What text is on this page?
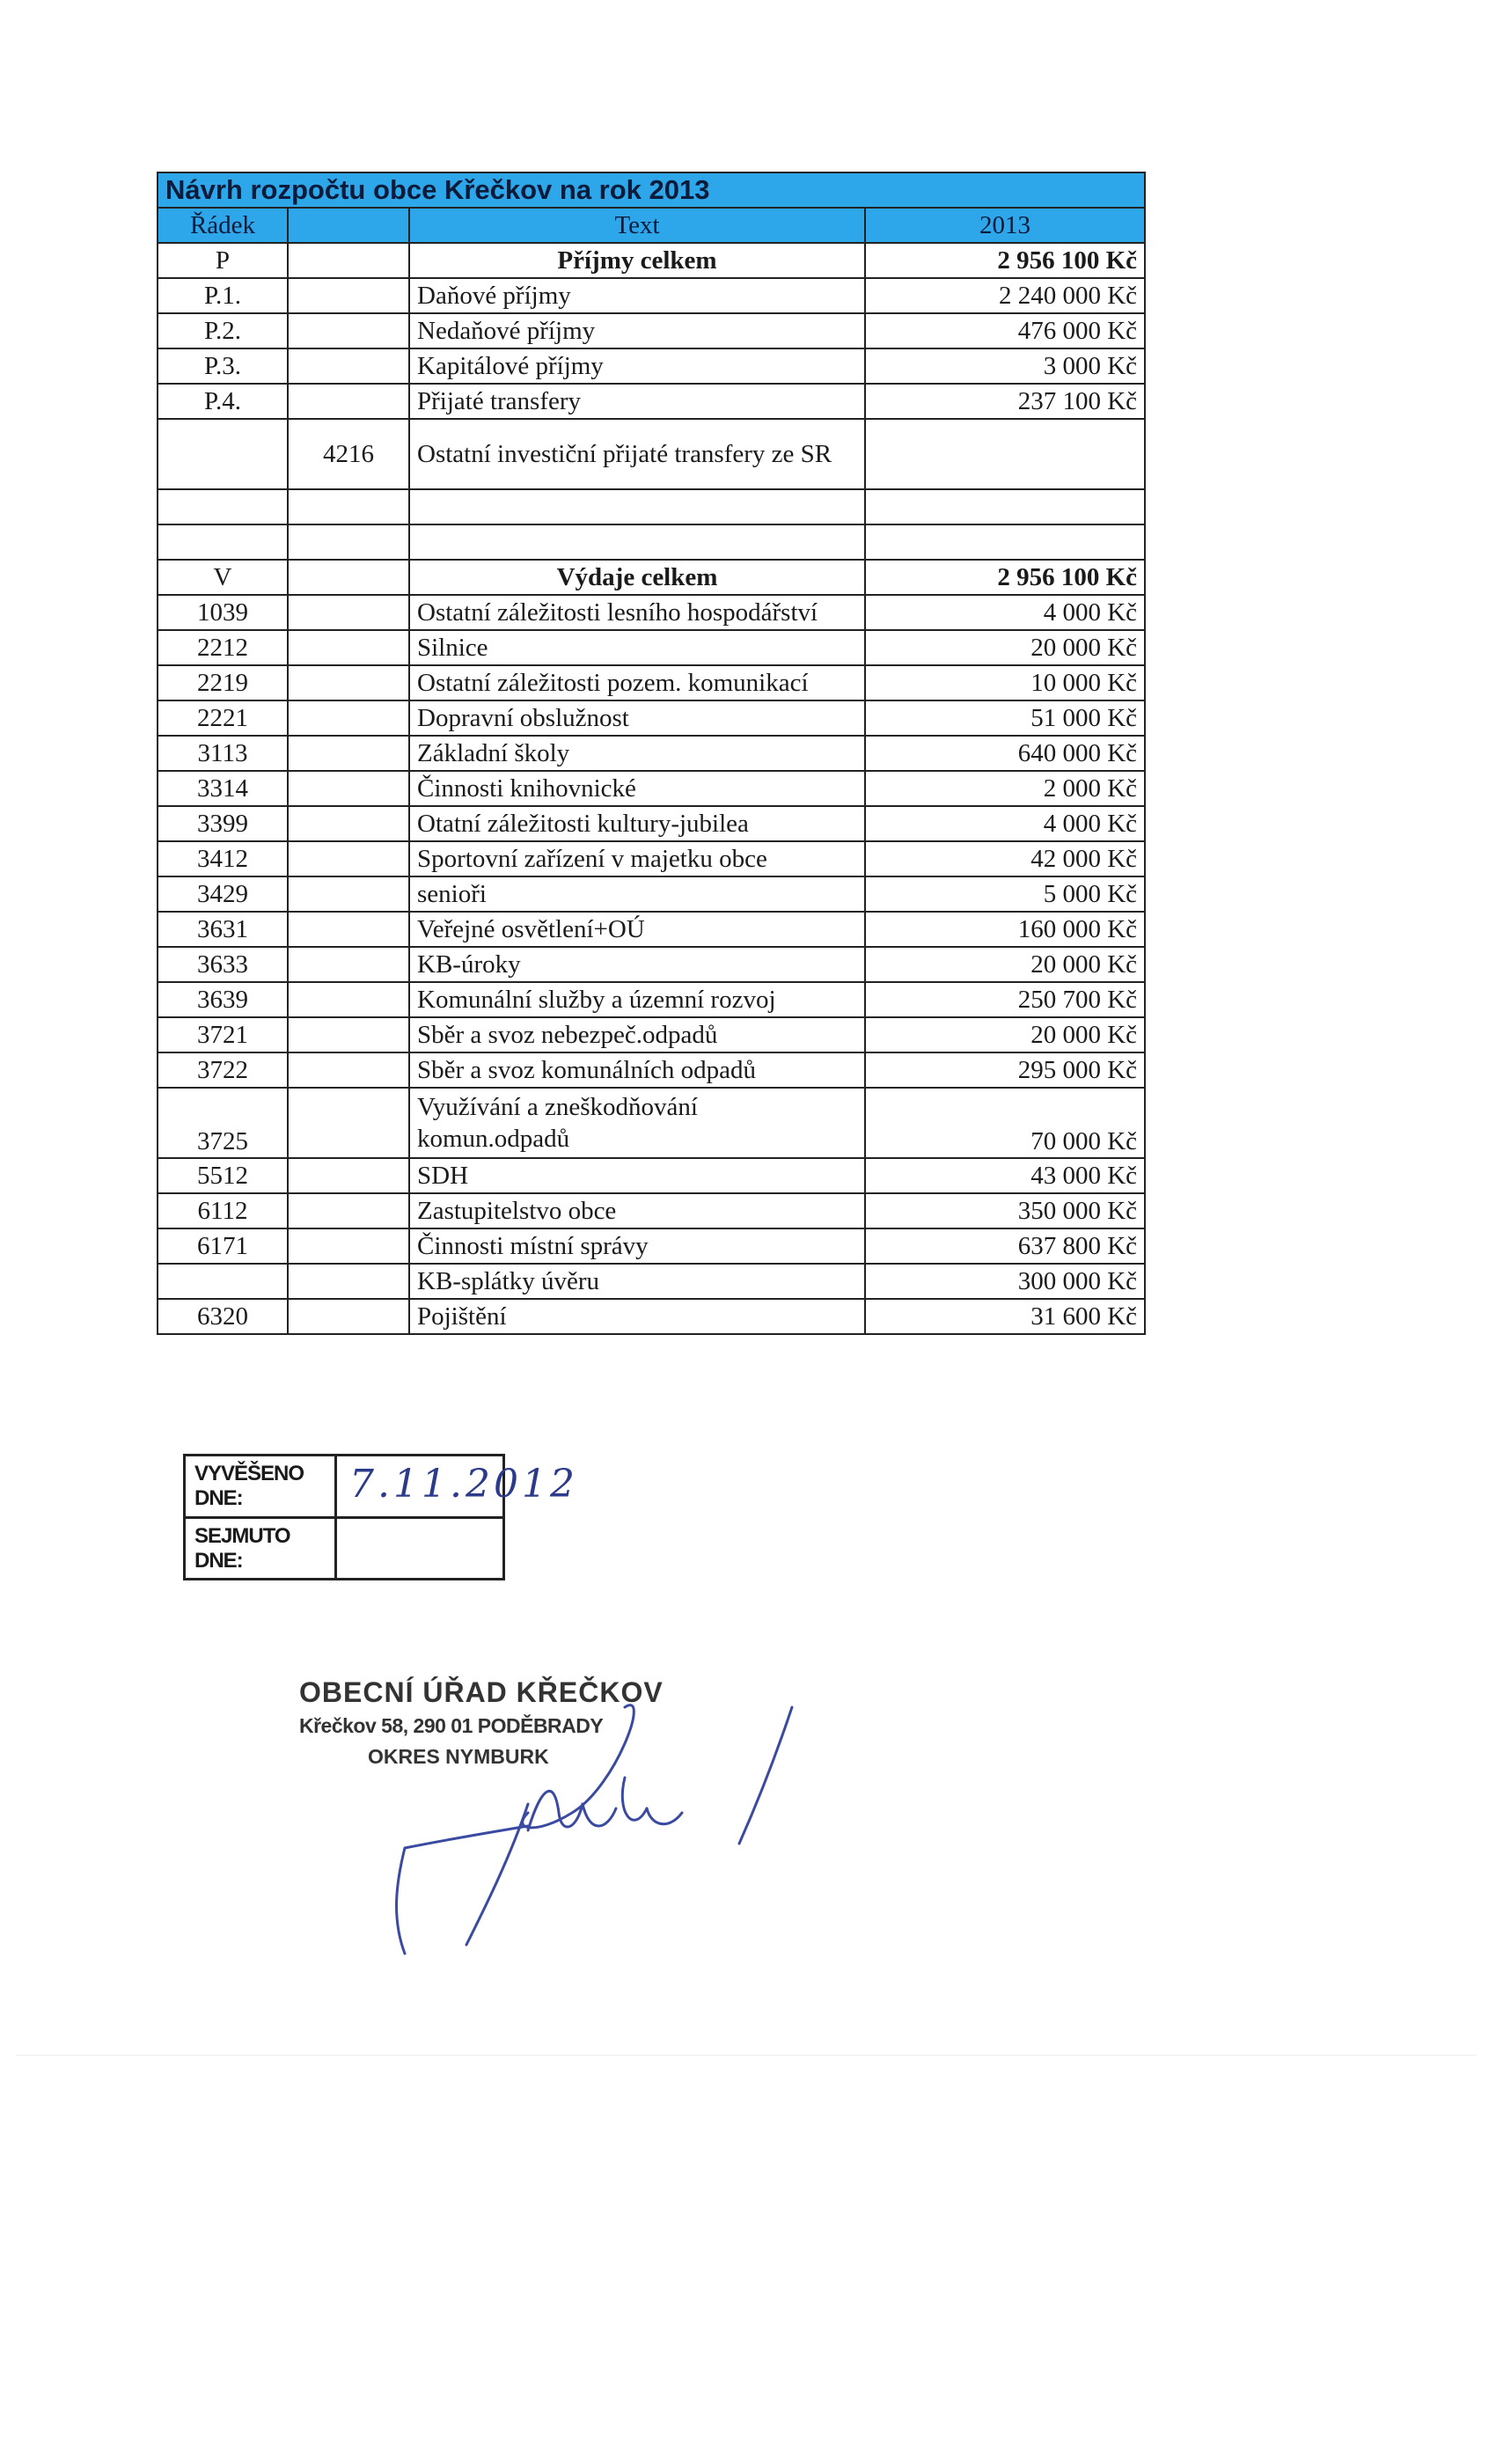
Návrh rozpočtu obce Křečkov na rok 2013			
Řádek		Text	2013
P		Příjmy celkem	2 956 100 Kč
P.1.		Daňové příjmy	2 240 000 Kč
P.2.		Nedaňové příjmy	476 000 Kč
P.3.		Kapitálové příjmy	3 000 Kč
P.4.		Přijaté transfery	237 100 Kč
	4216	Ostatní investiční přijaté transfery ze SR	

V		Výdaje celkem	2 956 100 Kč
1039		Ostatní záležitosti lesního hospodářství	4 000 Kč
2212		Silnice	20 000 Kč
2219		Ostatní záležitosti pozem. komunikací	10 000 Kč
2221		Dopravní obslužnost	51 000 Kč
3113		Základní školy	640 000 Kč
3314		Činnosti knihovnické	2 000 Kč
3399		Otatní záležitosti kultury-jubilea	4 000 Kč
3412		Sportovní zařízení v majetku obce	42 000 Kč
3429		senioři	5 000 Kč
3631		Veřejné osvětlení+OÚ	160 000 Kč
3633		KB-úroky	20 000 Kč
3639		Komunální služby a územní rozvoj	250 700 Kč
3721		Sběr a svoz nebezpeč.odpadů	20 000 Kč
3722		Sběr a svoz komunálních odpadů	295 000 Kč
3725		Využívání a zneškodňování
komun.odpadů	70 000 Kč
5512		SDH	43 000 Kč
6112		Zastupitelstvo obce	350 000 Kč
6171		Činnosti místní správy	637 800 Kč
		KB-splátky úvěru	300 000 Kč
6320		Pojištění	31 600 Kč
VYVĚŠENO DNE:	7.11.2012
SEJMUTO DNE:
OBECNÍ ÚŘAD KŘEČKOV
Křečkov 58, 290 01 PODĚBRADY
OKRES NYMBURK
